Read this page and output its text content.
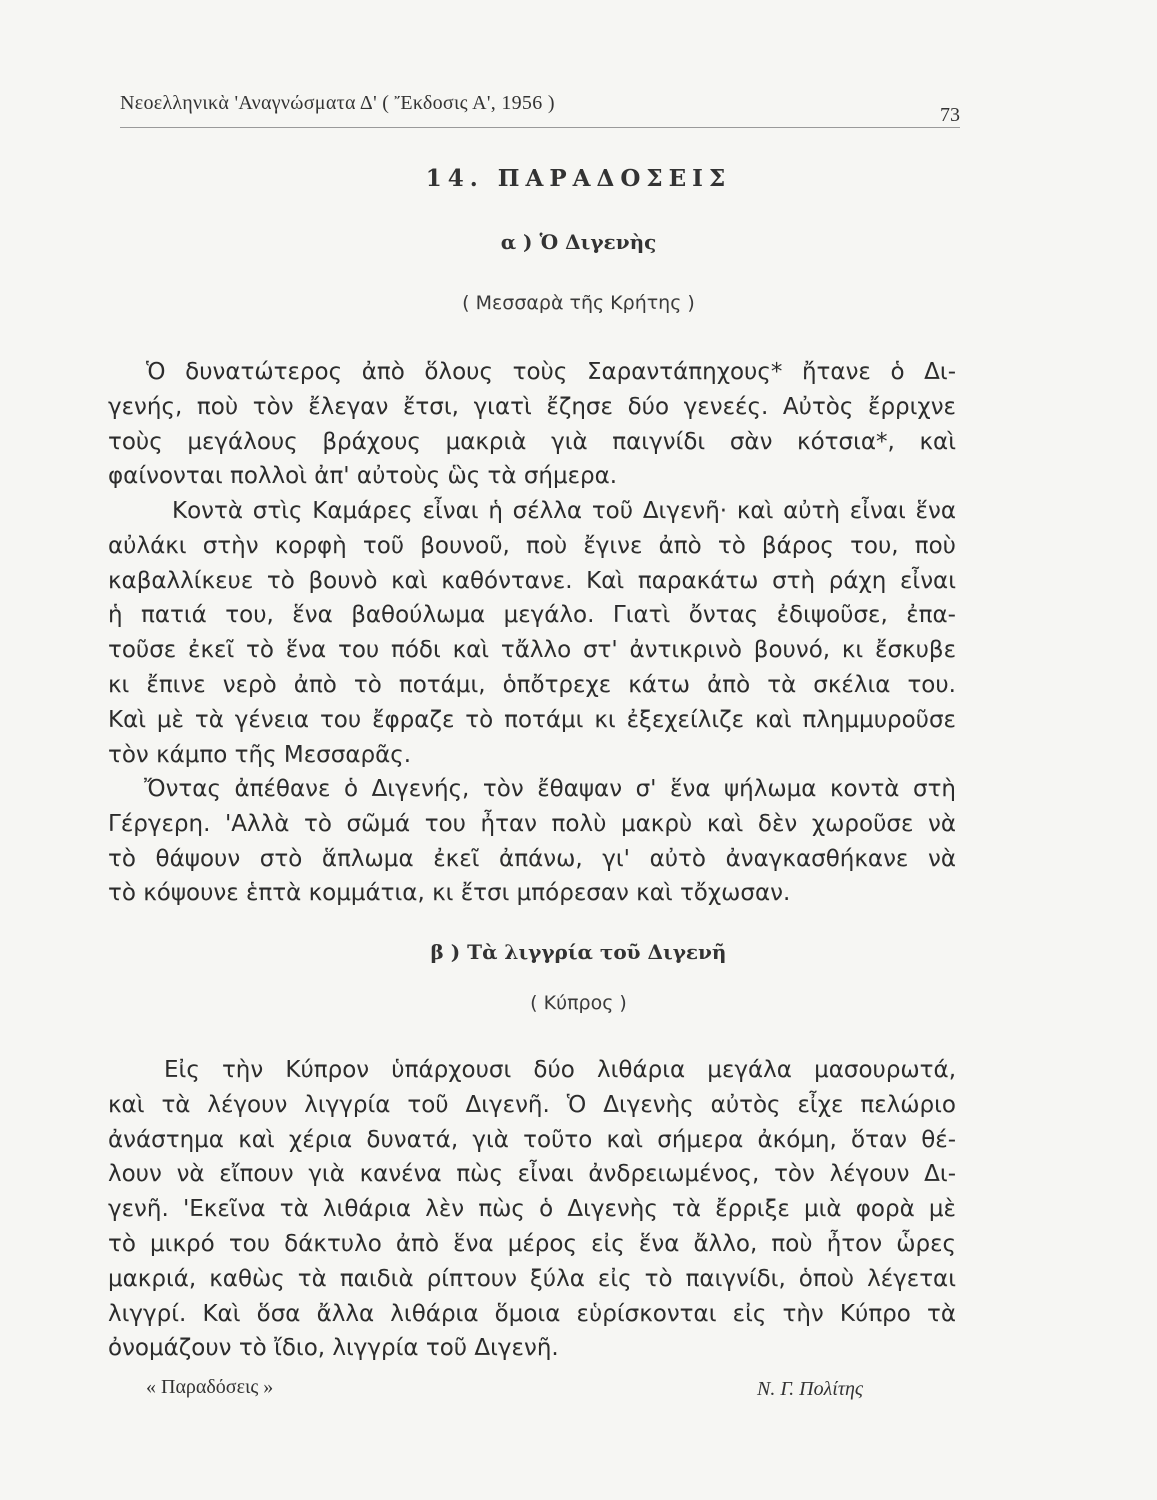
Νεοελληνικὰ 'Αναγνώσματα Δ' ( Ἔκδοσις Α', 1956 )
73
14. ΠΑΡΑΔΟΣΕΙΣ
α ) Ὁ Διγενὴς
( Μεσσαρὰ τῆς Κρήτης )

Ὁ δυνατώτερος ἀπὸ ὅλους τοὺς Σαραντάπηχους* ἤτανε ὁ Δι-
γενής, ποὺ τὸν ἔλεγαν ἔτσι, γιατὶ ἔζησε δύο γενεές. Αὐτὸς ἔρριχνε
τοὺς μεγάλους βράχους μακριὰ γιὰ παιγνίδι σὰν κότσια*, καὶ
φαίνονται πολλοὶ ἀπ' αὐτοὺς ὣς τὰ σήμερα.

Κοντὰ στὶς Καμάρες εἶναι ἡ σέλλα τοῦ Διγενῆ· καὶ αὐτὴ εἶναι ἕνα
αὐλάκι στὴν κορφὴ τοῦ βουνοῦ, ποὺ ἔγινε ἀπὸ τὸ βάρος του, ποὺ
καβαλλίκευε τὸ βουνὸ καὶ καθόντανε. Καὶ παρακάτω στὴ ράχη εἶναι
ἡ πατιά του, ἕνα βαθούλωμα μεγάλο. Γιατὶ ὄντας ἐδιψοῦσε, ἐπα-
τοῦσε ἐκεῖ τὸ ἕνα του πόδι καὶ τἄλλο στ' ἀντικρινὸ βουνό, κι ἔσκυβε
κι ἔπινε νερὸ ἀπὸ τὸ ποτάμι, ὁπὄτρεχε κάτω ἀπὸ τὰ σκέλια του.
Καὶ μὲ τὰ γένεια του ἔφραζε τὸ ποτάμι κι ἐξεχείλιζε καὶ πλημμυροῦσε
τὸν κάμπο τῆς Μεσσαρᾶς.

Ὄντας ἀπέθανε ὁ Διγενής, τὸν ἔθαψαν σ' ἕνα ψήλωμα κοντὰ στὴ
Γέργερη. 'Αλλὰ τὸ σῶμά του ἦταν πολὺ μακρὺ καὶ δὲν χωροῦσε νὰ
τὸ θάψουν στὸ ἅπλωμα ἐκεῖ ἀπάνω, γι' αὐτὸ ἀναγκασθήκανε νὰ
τὸ κόψουνε ἑπτὰ κομμάτια, κι ἔτσι μπόρεσαν καὶ τὄχωσαν.

β ) Τὰ λιγγρία τοῦ Διγενῆ
( Κύπρος )

Εἰς τὴν Κύπρον ὑπάρχουσι δύο λιθάρια μεγάλα μασουρωτά,
καὶ τὰ λέγουν λιγγρία τοῦ Διγενῆ. Ὁ Διγενὴς αὐτὸς εἶχε πελώριο
ἀνάστημα καὶ χέρια δυνατά, γιὰ τοῦτο καὶ σήμερα ἀκόμη, ὅταν θέ-
λουν νὰ εἴπουν γιὰ κανένα πὼς εἶναι ἀνδρειωμένος, τὸν λέγουν Δι-
γενῆ. 'Εκεῖνα τὰ λιθάρια λὲν πὼς ὁ Διγενὴς τὰ ἔρριξε μιὰ φορὰ μὲ
τὸ μικρό του δάκτυλο ἀπὸ ἕνα μέρος εἰς ἕνα ἄλλο, ποὺ ἦτον ὧρες
μακριά, καθὼς τὰ παιδιὰ ρίπτουν ξύλα εἰς τὸ παιγνίδι, ὁποὺ λέγεται
λιγγρί. Καὶ ὅσα ἄλλα λιθάρια ὅμοια εὑρίσκονται εἰς τὴν Κύπρο τὰ
ὀνομάζουν τὸ ἴδιο, λιγγρία τοῦ Διγενῆ.

« Παραδόσεις »	Ν. Γ. Πολίτης
